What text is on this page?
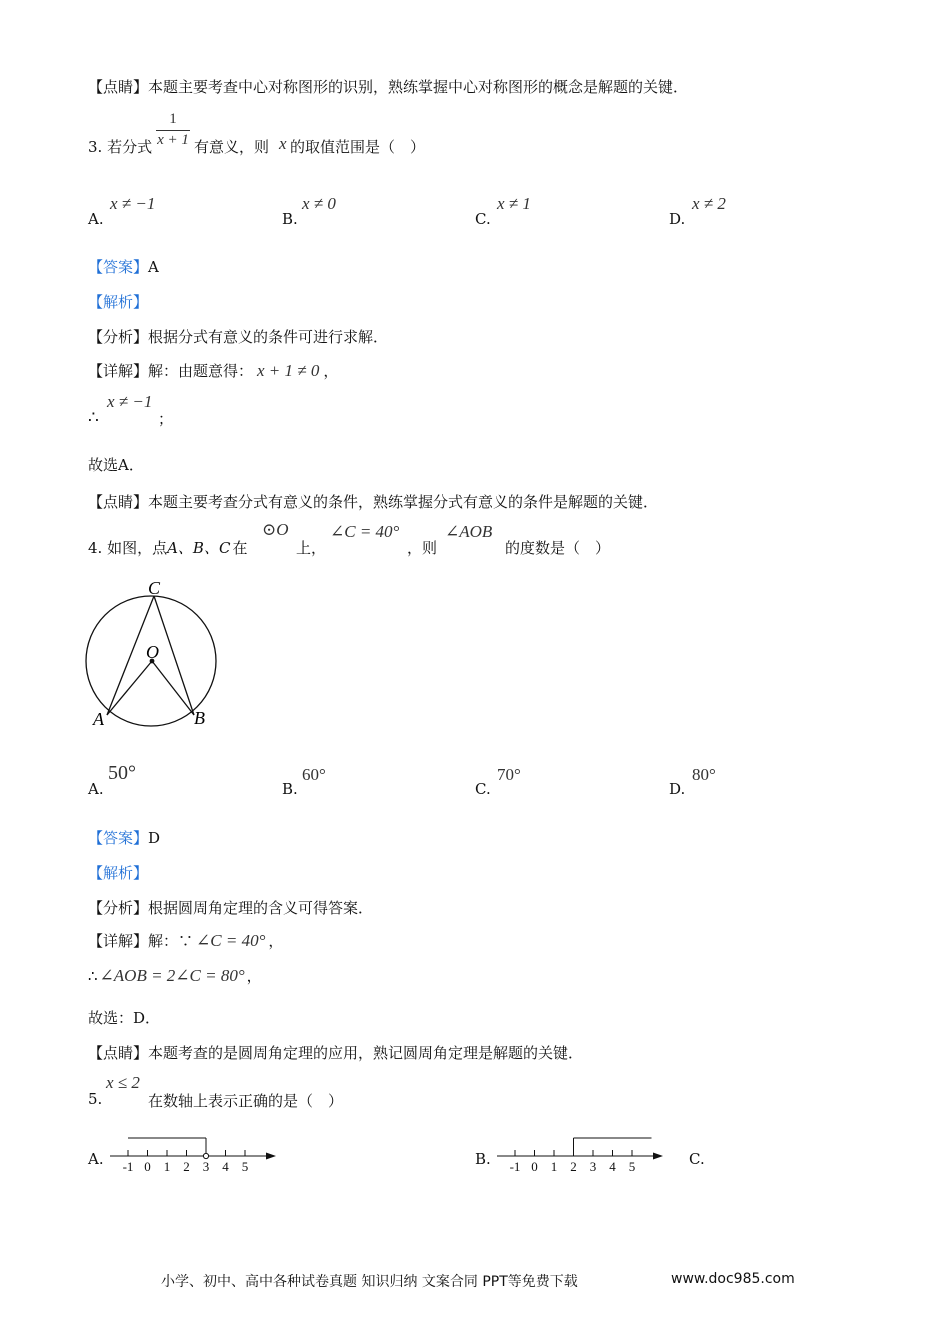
【点睛】本题主要考查中心对称图形的识别，熟练掌握中心对称图形的概念是解题的关键．
3. 若分式 $\frac{1}{x + 1}$ 有意义，则 x 的取值范围是（　）
A.
x ≠ −1
B.
x ≠ 0
C.
x ≠ 1
D.
x ≠ 2
【答案】A
【解析】
【分析】根据分式有意义的条件可进行求解．
【详解】解：由题意得： x + 1 ≠ 0 ，
∴
x ≠ −1
；
故选A．
【点睛】本题主要考查分式有意义的条件，熟练掌握分式有意义的条件是解题的关键．
4. 如图，点A、B、C 在
⊙O
上，
∠C = 40°
，则
∠AOB
的度数是（　）
C
O
A	B
A.
50°
B.
60°
C.
70°
D.
80°
【答案】D
【解析】
【分析】根据圆周角定理的含义可得答案．
【详解】解：∵ ∠C = 40° ，
∴ ∠AOB = 2∠C = 80° ，
故选：D．
【点睛】本题考查的是圆周角定理的应用，熟记圆周角定理是解题的关键．
5.
x ≤ 2
在数轴上表示正确的是（　）
A. -1 0 1 2 3 4 5	B. -1 0 1 2 3 4 5	C.
小学、初中、高中各种试卷真题 知识归纳 文案合同 PPT等免费下载	www.doc985.com
